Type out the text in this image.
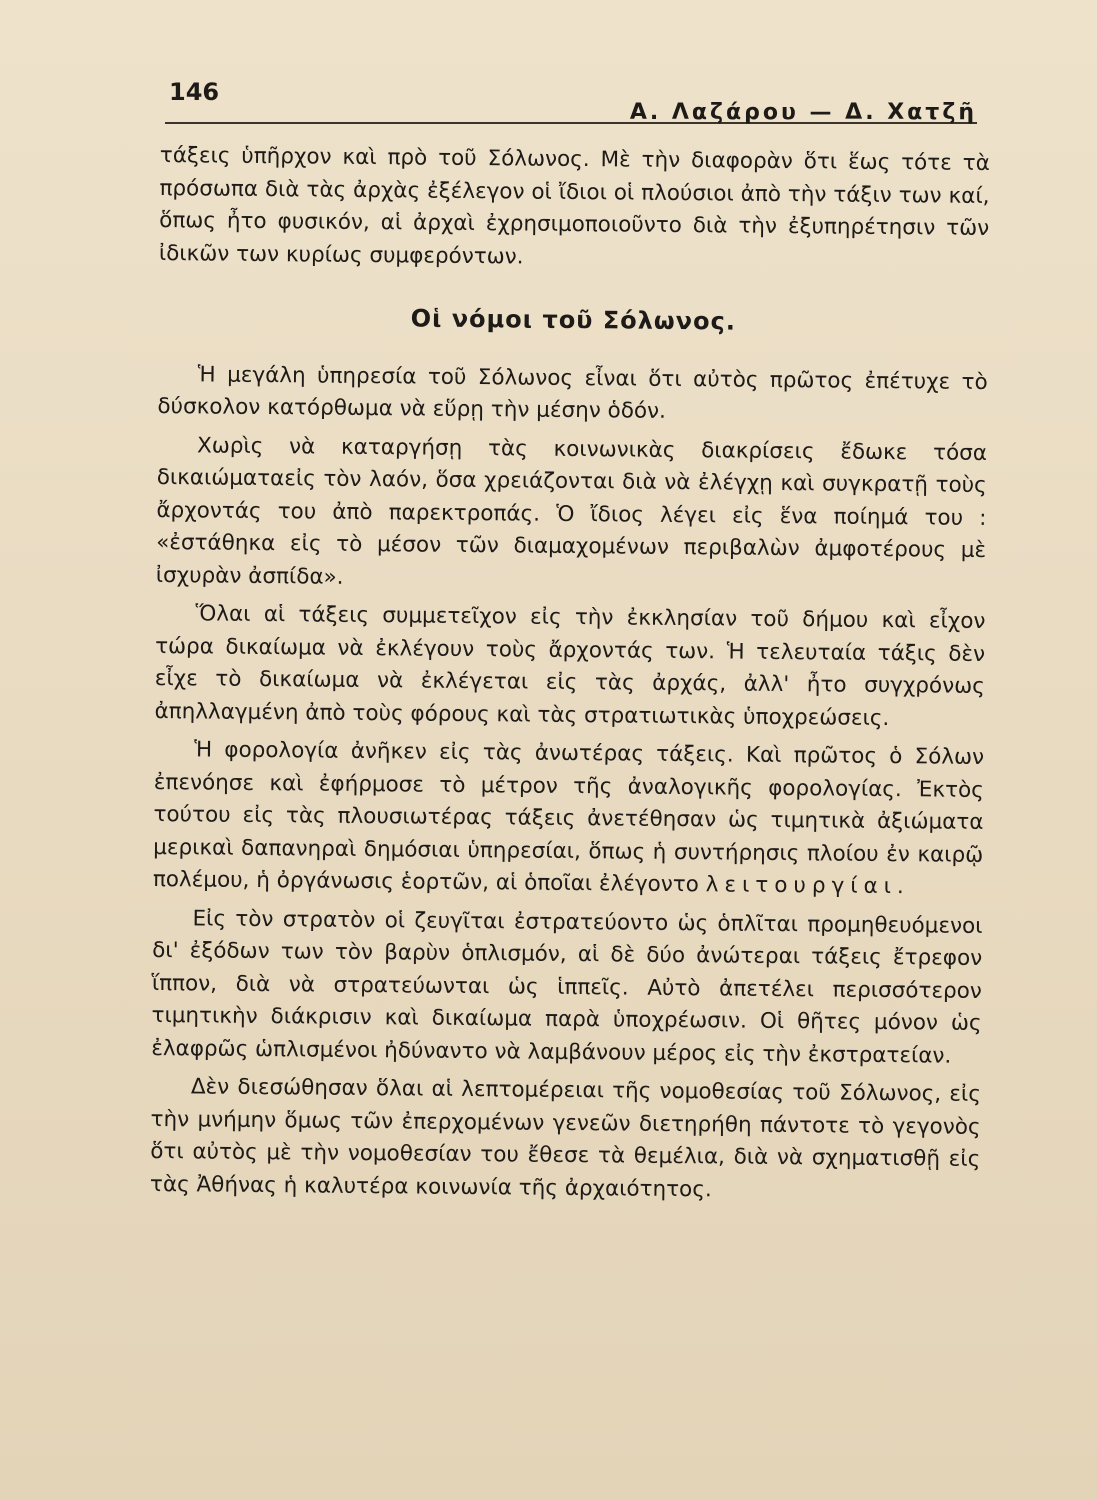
146
Α. Λαζάρου — Δ. Χατζῆ

τάξεις ὑπῆρχον καὶ πρὸ τοῦ Σόλωνος. Μὲ τὴν διαφορὰν ὅτι ἕως τότε τὰ πρόσωπα διὰ τὰς ἀρχὰς ἐξέλεγον οἱ ἴδιοι οἱ πλούσιοι ἀπὸ τὴν τάξιν των καί, ὅπως ἦτο φυσικόν, αἱ ἀρχαὶ ἐχρησιμοποιοῦντο διὰ τὴν ἐξυπηρέτησιν τῶν ἰδικῶν των κυρίως συμφερόντων.

Οἱ νόμοι τοῦ Σόλωνος.

Ἡ μεγάλη ὑπηρεσία τοῦ Σόλωνος εἶναι ὅτι αὐτὸς πρῶτος ἐπέτυχε τὸ δύσκολον κατόρθωμα νὰ εὕρῃ τὴν μέσην ὁδόν.

Χωρὶς νὰ καταργήσῃ τὰς κοινωνικὰς διακρίσεις ἔδωκε τόσα δικαιώματαεἰς τὸν λαόν, ὅσα χρειάζονται διὰ νὰ ἐλέγχῃ καὶ συγκρατῇ τοὺς ἄρχοντάς του ἀπὸ παρεκτροπάς. Ὁ ἴδιος λέγει εἰς ἕνα ποίημά του : «ἐστάθηκα εἰς τὸ μέσον τῶν διαμαχομένων περιβαλὼν ἀμφοτέρους μὲ ἰσχυρὰν ἀσπίδα».

Ὅλαι αἱ τάξεις συμμετεῖχον εἰς τὴν ἐκκλησίαν τοῦ δήμου καὶ εἶχον τώρα δικαίωμα νὰ ἐκλέγουν τοὺς ἄρχοντάς των. Ἡ τελευταία τάξις δὲν εἶχε τὸ δικαίωμα νὰ ἐκλέγεται εἰς τὰς ἀρχάς, ἀλλ' ἦτο συγχρόνως ἀπηλλαγμένη ἀπὸ τοὺς φόρους καὶ τὰς στρατιωτικὰς ὑποχρεώσεις.

Ἡ φορολογία ἀνῆκεν εἰς τὰς ἀνωτέρας τάξεις. Καὶ πρῶτος ὁ Σόλων ἐπενόησε καὶ ἐφήρμοσε τὸ μέτρον τῆς ἀναλογικῆς φορολογίας. Ἐκτὸς τούτου εἰς τὰς πλουσιωτέρας τάξεις ἀνετέθησαν ὡς τιμητικὰ ἀξιώματα μερικαὶ δαπανηραὶ δημόσιαι ὑπηρεσίαι, ὅπως ἡ συντήρησις πλοίου ἐν καιρῷ πολέμου, ἡ ὀργάνωσις ἑορτῶν, αἱ ὁποῖαι ἐλέγοντο λειτουργίαι.

Εἰς τὸν στρατὸν οἱ ζευγῖται ἐστρατεύοντο ὡς ὁπλῖται προμηθευόμενοι δι' ἐξόδων των τὸν βαρὺν ὁπλισμόν, αἱ δὲ δύο ἀνώτεραι τάξεις ἔτρεφον ἵππον, διὰ νὰ στρατεύωνται ὡς ἱππεῖς. Αὐτὸ ἀπετέλει περισσότερον τιμητικὴν διάκρισιν καὶ δικαίωμα παρὰ ὑποχρέωσιν. Οἱ θῆτες μόνον ὡς ἐλαφρῶς ὡπλισμένοι ἠδύναντο νὰ λαμβάνουν μέρος εἰς τὴν ἐκστρατείαν.

Δὲν διεσώθησαν ὅλαι αἱ λεπτομέρειαι τῆς νομοθεσίας τοῦ Σόλωνος, εἰς τὴν μνήμην ὅμως τῶν ἐπερχομένων γενεῶν διετηρήθη πάντοτε τὸ γεγονὸς ὅτι αὐτὸς μὲ τὴν νομοθεσίαν του ἔθεσε τὰ θεμέλια, διὰ νὰ σχηματισθῇ εἰς τὰς Ἀθήνας ἡ καλυτέρα κοινωνία τῆς ἀρχαιότητος.
